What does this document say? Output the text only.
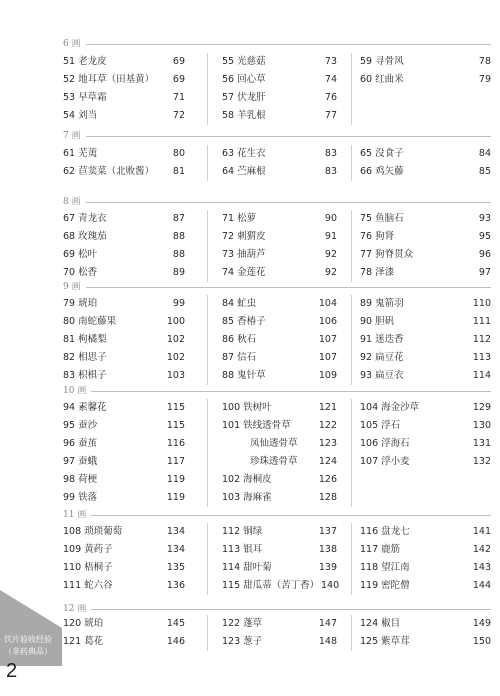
6 画
51 老龙皮	69
52 地耳草（田基黄）	69
53 早草霜	71
54 刘当	72
55 光慈菇	73
56 回心草	74
57 伏龙肝	76
58 羊乳根	77
59 寻骨风	78
60 红曲米	79
7 画
61 芜荑	80
62 苣荬菜（北败酱）	81
63 花生衣	83
64 苎麻根	83
65 没食子	84
66 鸡矢藤	85
8 画
67 青龙衣	87
68 玫瑰茄	88
69 松叶	88
70 松香	89
71 松萝	90
72 刺猬皮	91
73 抽葫芦	92
74 金莲花	92
75 鱼脑石	93
76 狗肾	95
77 狗脊贯众	96
78 泽漆	97
9 画
79 琥珀	99
80 南蛇藤果	100
81 枸橘梨	102
82 相思子	102
83 枳椇子	103
84 虻虫	104
85 香椿子	106
86 秋石	107
87 信石	107
88 鬼针草	109
89 鬼箭羽	110
90 胆矾	111
91 迷迭香	112
92 扁豆花	113
93 扁豆衣	114
10 画
94 素馨花	115
95 蚕沙	115
96 蚕茧	116
97 蚕蛾	117
98 荷梗	119
99 铁落	119
100 铁树叶	121
101 铁线透骨草	122
凤仙透骨草 123
珍珠透骨草 124
102 海桐皮	126
103 海麻雀	128
104 海金沙草	129
105 浮石	130
106 浮海石	131
107 浮小麦	132
11 画
108 琐琐葡萄	134
109 黄药子	134
110 梧桐子	135
111 蛇六谷	136
112 铜绿	137
113 银耳	138
114 甜叶菊	139
115 甜瓜蒂（苦丁香） 140
116 盘龙七	141
117 鹿筋	142
118 望江南	143
119 密陀僧	144
12 画
120 琥珀	145
121 葛花	146
122 蓬草	147
123 葱子	148
124 椒目	149
125 紫草茸	150
饮片验收经验
（非药典品）
2
